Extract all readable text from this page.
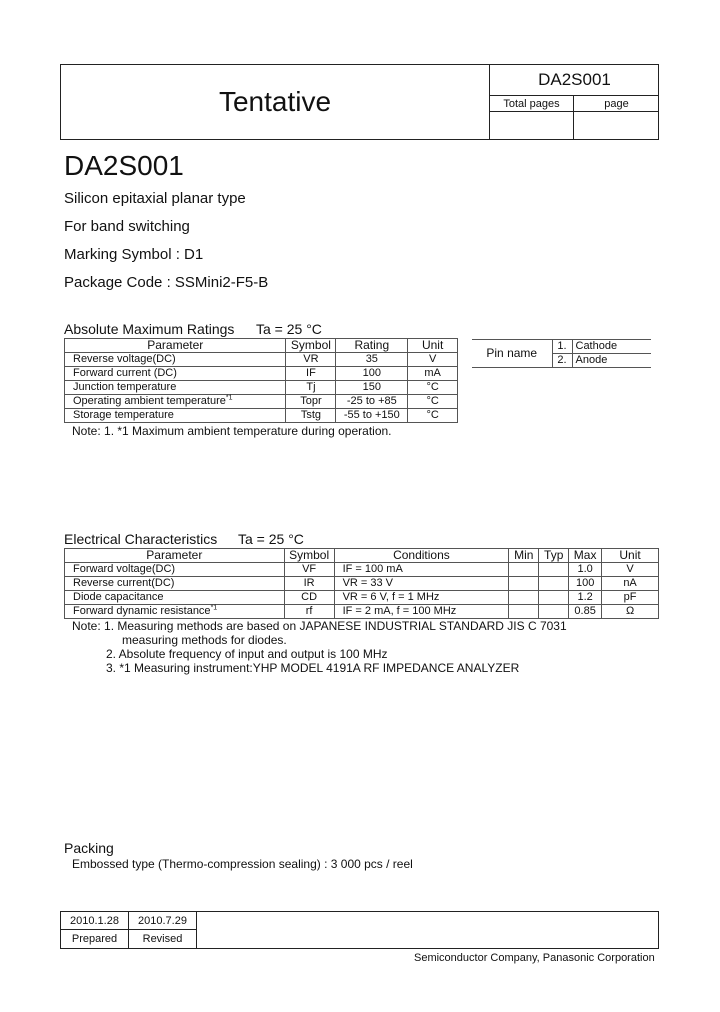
Tentative
DA2S001
Total pages	page
DA2S001
Silicon epitaxial planar type
For band switching
Marking Symbol : D1
Package Code : SSMini2-F5-B
Absolute Maximum Ratings Ta = 25 °C
Parameter	Symbol	Rating	Unit
Reverse voltage(DC)	VR	35	V
Forward current (DC)	IF	100	mA
Junction temperature	Tj	150	°C
Operating ambient temperature$^{*1}$	Topr	-25 to +85	°C
Storage temperature	Tstg	-55 to +150	°C
Note: 1. *1 Maximum ambient temperature during operation.
Pin name	1.	Cathode
	2.	Anode
Electrical Characteristics Ta = 25 °C
Parameter	Symbol	Conditions	Min	Typ	Max	Unit
Forward voltage(DC)	VF	IF = 100 mA			1.0	V
Reverse current(DC)	IR	VR = 33 V			100	nA
Diode capacitance	CD	VR = 6 V, f = 1 MHz			1.2	pF
Forward dynamic resistance$^{*1}$	rf	IF = 2 mA, f = 100 MHz			0.85	Ω
Note: 1. Measuring methods are based on JAPANESE INDUSTRIAL STANDARD JIS C 7031
measuring methods for diodes.
2. Absolute frequency of input and output is 100 MHz
3. *1 Measuring instrument:YHP MODEL 4191A RF IMPEDANCE ANALYZER
Packing
Embossed type (Thermo-compression sealing) : 3 000 pcs / reel
2010.1.28	2010.7.29
Prepared	Revised
Semiconductor Company, Panasonic Corporation
